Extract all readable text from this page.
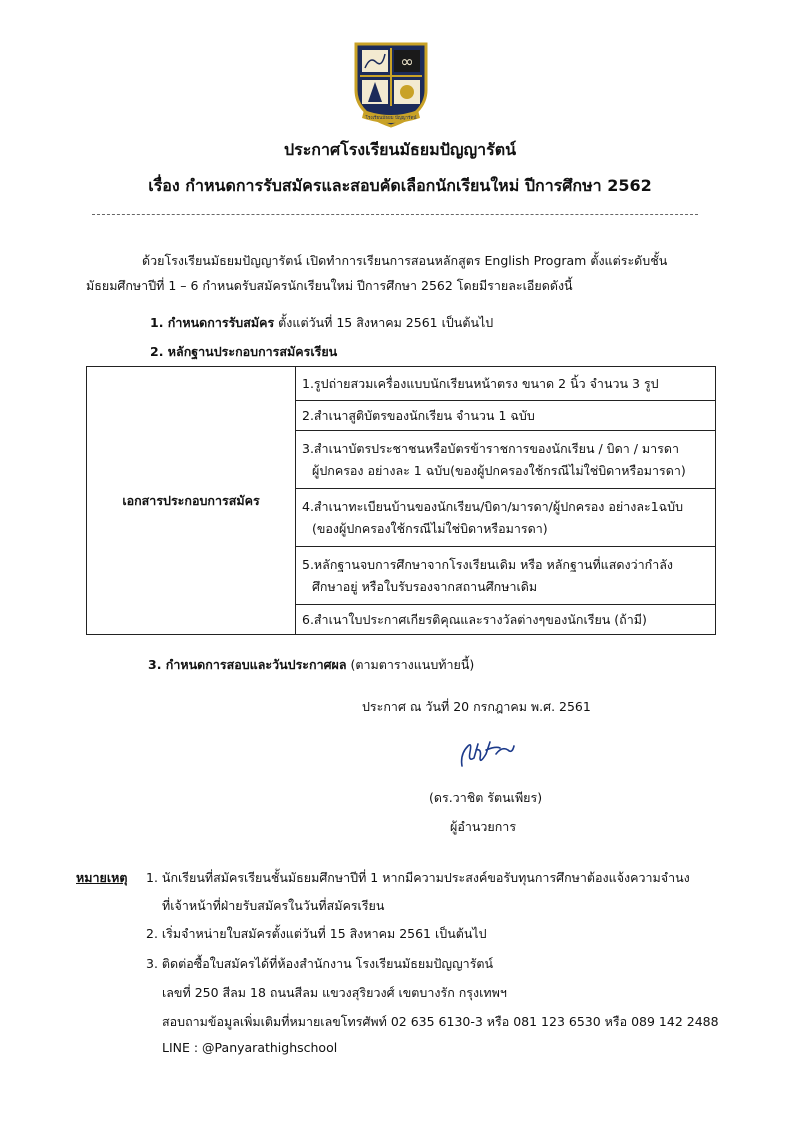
∞
โรงเรียนมัธยม ปัญญารัตน์
ประกาศโรงเรียนมัธยมปัญญารัตน์
เรื่อง กำหนดการรับสมัครและสอบคัดเลือกนักเรียนใหม่ ปีการศึกษา 2562
ด้วยโรงเรียนมัธยมปัญญารัตน์ เปิดทำการเรียนการสอนหลักสูตร English Program ตั้งแต่ระดับชั้น
มัธยมศึกษาปีที่ 1 – 6 กำหนดรับสมัครนักเรียนใหม่ ปีการศึกษา 2562 โดยมีรายละเอียดดังนี้
1. กำหนดการรับสมัคร ตั้งแต่วันที่ 15 สิงหาคม 2561 เป็นต้นไป
2. หลักฐานประกอบการสมัครเรียน
เอกสารประกอบการสมัคร	1.รูปถ่ายสวมเครื่องแบบนักเรียนหน้าตรง ขนาด 2 นิ้ว จำนวน 3 รูป
2.สำเนาสูติบัตรของนักเรียน จำนวน 1 ฉบับ

3.สำเนาบัตรประชาชนหรือบัตรข้าราชการของนักเรียน / บิดา / มารดา
ผู้ปกครอง อย่างละ 1 ฉบับ(ของผู้ปกครองใช้กรณีไม่ใช่บิดาหรือมารดา)

4.สำเนาทะเบียนบ้านของนักเรียน/บิดา/มารดา/ผู้ปกครอง อย่างละ1ฉบับ
(ของผู้ปกครองใช้กรณีไม่ใช่บิดาหรือมารดา)

5.หลักฐานจบการศึกษาจากโรงเรียนเดิม หรือ หลักฐานที่แสดงว่ากำลัง
ศึกษาอยู่ หรือใบรับรองจากสถานศึกษาเดิม

6.สำเนาใบประกาศเกียรติคุณและรางวัลต่างๆของนักเรียน (ถ้ามี)
3. กำหนดการสอบและวันประกาศผล (ตามตารางแนบท้ายนี้)
ประกาศ ณ วันที่ 20 กรกฎาคม พ.ศ. 2561
(ดร.วาชิต รัตนเพียร)
ผู้อำนวยการ
หมายเหตุ 1. นักเรียนที่สมัครเรียนชั้นมัธยมศึกษาปีที่ 1 หากมีความประสงค์ขอรับทุนการศึกษาต้องแจ้งความจำนง
ที่เจ้าหน้าที่ฝ่ายรับสมัครในวันที่สมัครเรียน
2. เริ่มจำหน่ายใบสมัครตั้งแต่วันที่ 15 สิงหาคม 2561 เป็นต้นไป
3. ติดต่อซื้อใบสมัครได้ที่ห้องสำนักงาน โรงเรียนมัธยมปัญญารัตน์
เลขที่ 250 สีลม 18 ถนนสีลม แขวงสุริยวงศ์ เขตบางรัก กรุงเทพฯ
สอบถามข้อมูลเพิ่มเติมที่หมายเลขโทรศัพท์ 02 635 6130-3 หรือ 081 123 6530 หรือ 089 142 2488
LINE : @Panyarathighschool
